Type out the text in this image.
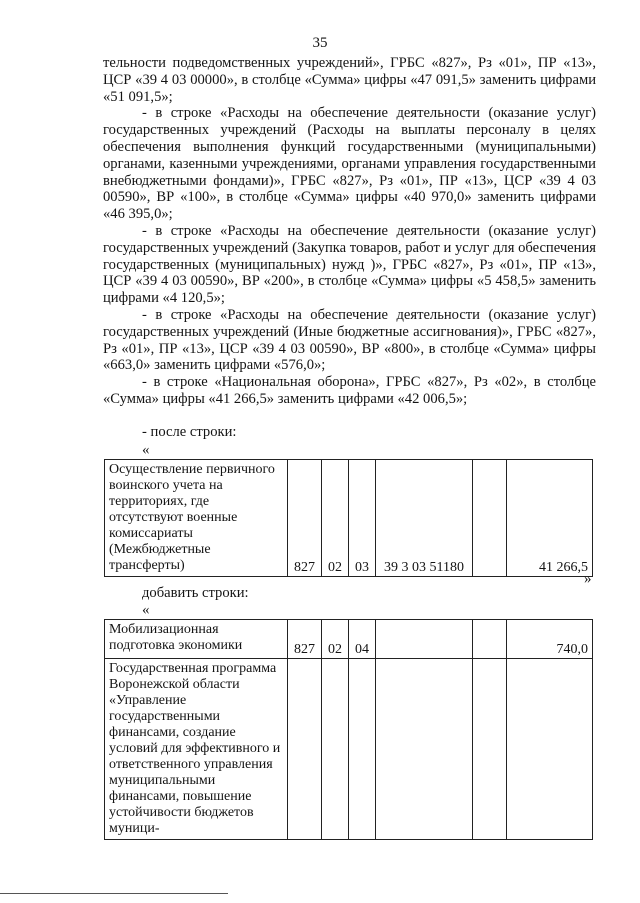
35

тельности подведомственных учреждений», ГРБС «827», Рз «01», ПР «13», ЦСР «39 4 03 00000», в столбце «Сумма» цифры «47 091,5» заменить цифрами «51 091,5»;

- в строке «Расходы на обеспечение деятельности (оказание услуг) государственных учреждений (Расходы на выплаты персоналу в целях обеспечения выполнения функций государственными (муниципальными) органами, казенными учреждениями, органами управления государственными внебюджетными фондами)», ГРБС «827», Рз «01», ПР «13», ЦСР «39 4 03 00590», ВР «100», в столбце «Сумма» цифры «40 970,0» заменить цифрами «46 395,0»;

- в строке «Расходы на обеспечение деятельности (оказание услуг) государственных учреждений (Закупка товаров, работ и услуг для обеспечения государственных (муниципальных) нужд )», ГРБС «827», Рз «01», ПР «13», ЦСР «39 4 03 00590», ВР «200», в столбце «Сумма» цифры «5 458,5» заменить цифрами «4 120,5»;

- в строке «Расходы на обеспечение деятельности (оказание услуг) государственных учреждений (Иные бюджетные ассигнования)», ГРБС «827», Рз «01», ПР «13», ЦСР «39 4 03 00590», ВР «800», в столбце «Сумма» цифры «663,0» заменить цифрами «576,0»;

- в строке «Национальная оборона», ГРБС «827», Рз «02», в столбце «Сумма» цифры «41 266,5» заменить цифрами «42 006,5»;

- после строки:
«
Осуществление первичного воинского учета на территориях, где отсутствуют военные комиссариаты (Межбюджетные трансферты)	827	02	03	39 3 03 51180		41 266,5
»
добавить строки:
«
Мобилизационная подготовка экономики	827	02	04			740,0
Государственная программа Воронежской области «Управление государственными финансами, создание условий для эффективного и ответственного управления муниципальными финансами, повышение устойчивости бюджетов муници-						
